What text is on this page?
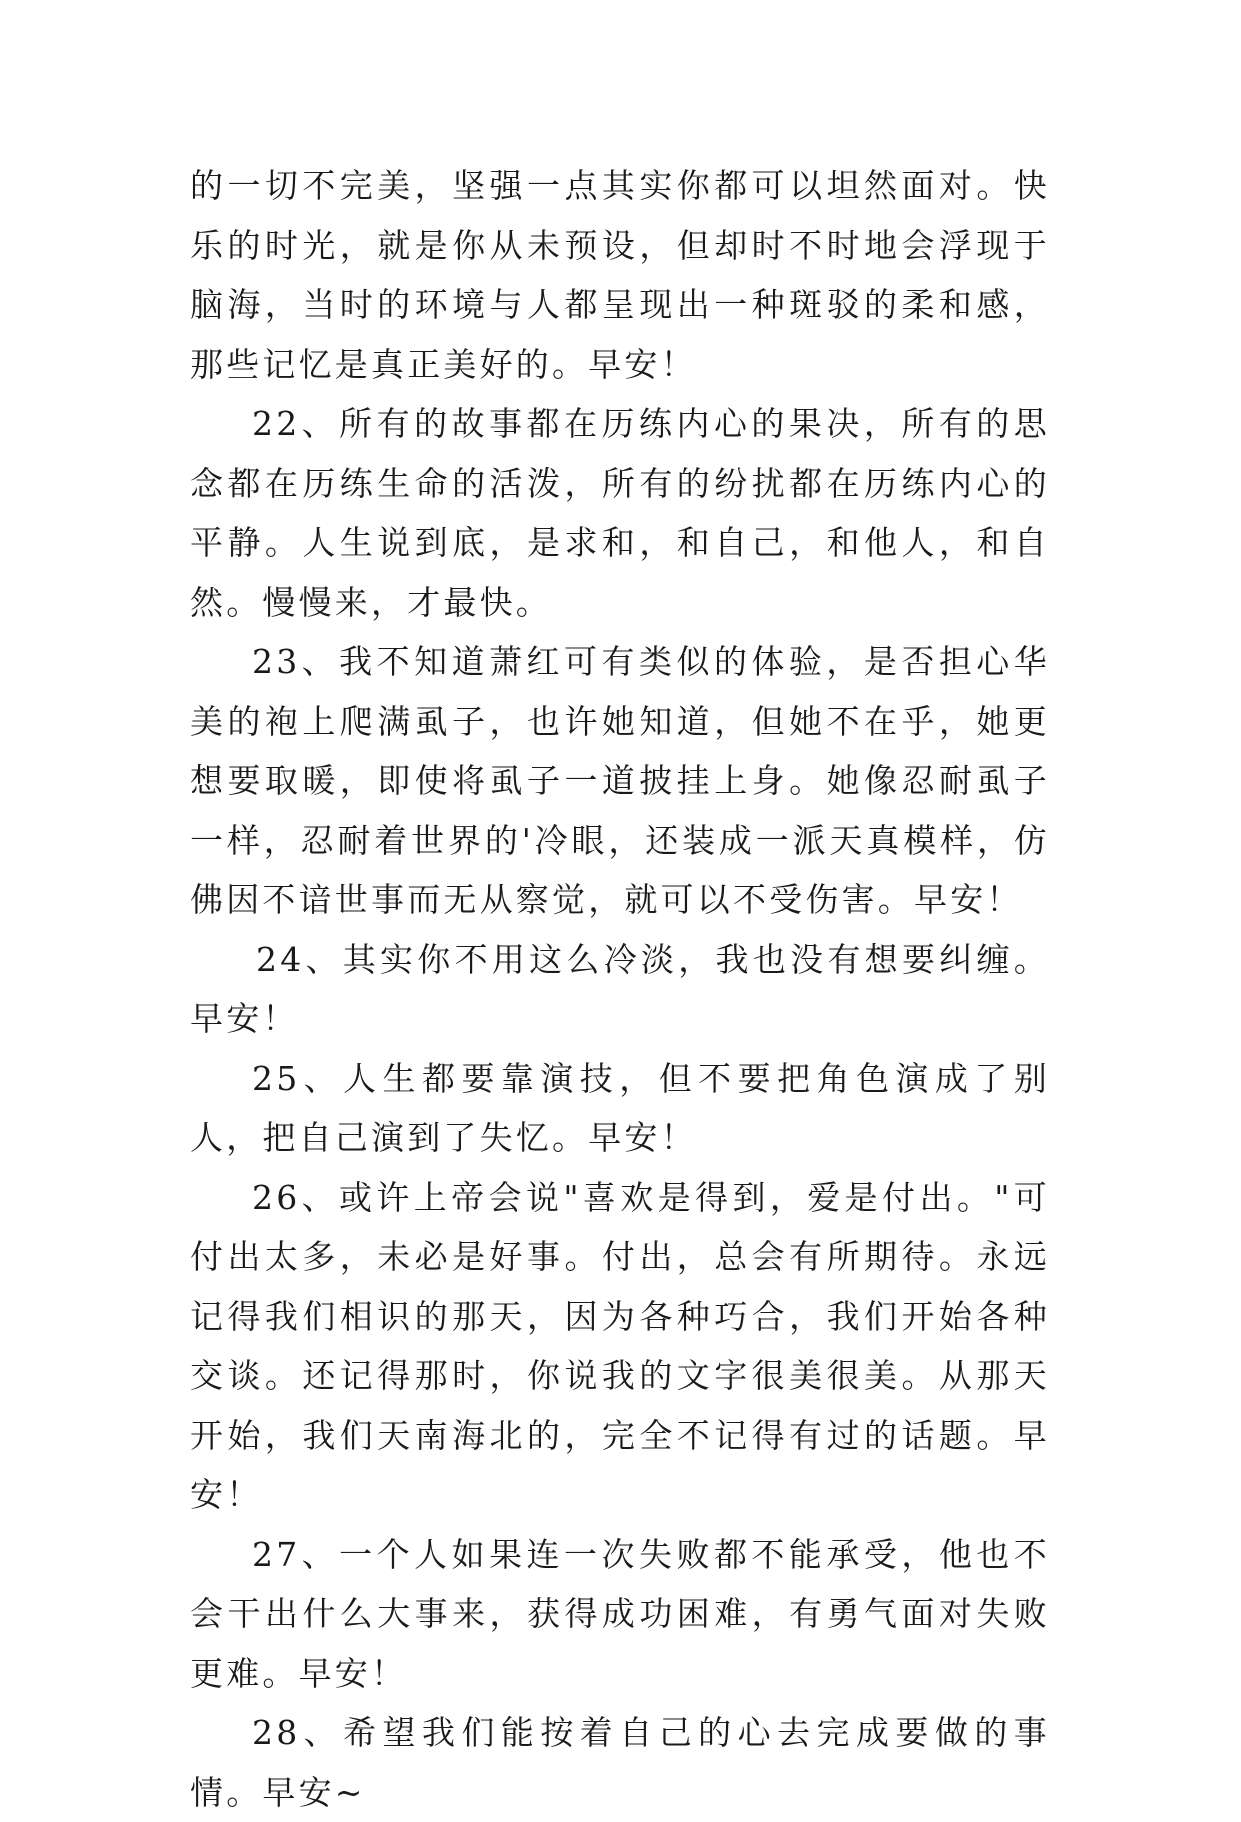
的一切不完美，坚强一点其实你都可以坦然面对。快乐的时光，就是你从未预设，但却时不时地会浮现于脑海，当时的环境与人都呈现出一种斑驳的柔和感，那些记忆是真正美好的。早安！

22、所有的故事都在历练内心的果决，所有的思念都在历练生命的活泼，所有的纷扰都在历练内心的平静。人生说到底，是求和，和自己，和他人，和自然。慢慢来，才最快。

23、我不知道萧红可有类似的体验，是否担心华美的袍上爬满虱子，也许她知道，但她不在乎，她更想要取暖，即使将虱子一道披挂上身。她像忍耐虱子一样，忍耐着世界的'冷眼，还装成一派天真模样，仿佛因不谙世事而无从察觉，就可以不受伤害。早安！

24、其实你不用这么冷淡，我也没有想要纠缠。早安！

25、人生都要靠演技，但不要把角色演成了别人，把自己演到了失忆。早安！

26、或许上帝会说"喜欢是得到，爱是付出。"可付出太多，未必是好事。付出，总会有所期待。永远记得我们相识的那天，因为各种巧合，我们开始各种交谈。还记得那时，你说我的文字很美很美。从那天开始，我们天南海北的，完全不记得有过的话题。早安！

27、一个人如果连一次失败都不能承受，他也不会干出什么大事来，获得成功困难，有勇气面对失败更难。早安！

28、希望我们能按着自己的心去完成要做的事情。早安~
